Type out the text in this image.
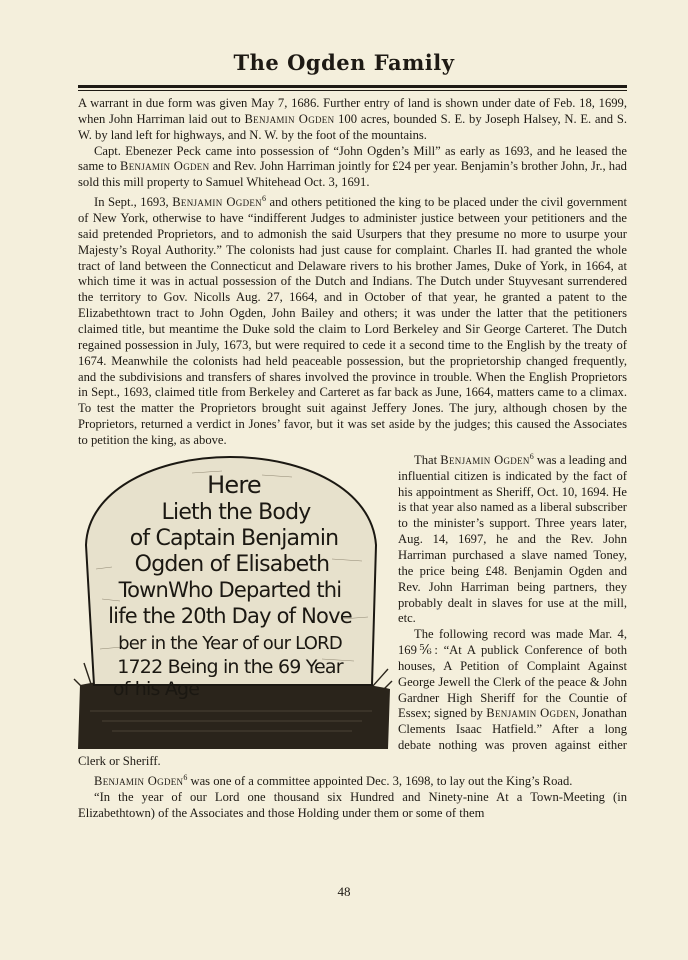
The Ogden Family

A warrant in due form was given May 7, 1686. Further entry of land is shown under date of Feb. 18, 1699, when John Harriman laid out to Benjamin Ogden 100 acres, bounded S. E. by Joseph Halsey, N. E. and S. W. by land left for highways, and N. W. by the foot of the mountains.

Capt. Ebenezer Peck came into possession of “John Ogden’s Mill” as early as 1693, and he leased the same to Benjamin Ogden and Rev. John Harriman jointly for £24 per year. Benjamin’s brother John, Jr., had sold this mill property to Samuel Whitehead Oct. 3, 1691.

In Sept., 1693, Benjamin Ogden$^6$ and others petitioned the king to be placed under the civil government of New York, otherwise to have “indifferent Judges to administer justice between your petitioners and the said pretended Proprietors, and to admonish the said Usurpers that they presume no more to usurpe your Majesty’s Royal Authority.” The colonists had just cause for complaint. Charles II. had granted the whole tract of land between the Connecticut and Delaware rivers to his brother James, Duke of York, in 1664, at which time it was in actual possession of the Dutch and Indians. The Dutch under Stuyvesant surrendered the territory to Gov. Nicolls Aug. 27, 1664, and in October of that year, he granted a patent to the Elizabethtown tract to John Ogden, John Bailey and others; it was under the latter that the petitioners claimed title, but meantime the Duke sold the claim to Lord Berkeley and Sir George Carteret. The Dutch regained possession in July, 1673, but were required to cede it a second time to the English by the treaty of 1674. Meanwhile the colonists had held peaceable possession, but the proprietorship changed frequently, and the subdivisions and transfers of shares involved the province in trouble. When the English Proprietors in Sept., 1693, claimed title from Berkeley and Carteret as far back as June, 1664, matters came to a climax. To test the matter the Proprietors brought suit against Jeffery Jones. The jury, although chosen by the Proprietors, returned a verdict in Jones’ favor, but it was set aside by the judges; this caused the Associates to petition the king, as above.

Here
Lieth the Body
of Captain Benjamin
Ogden of Elisabeth
TownWho Departed thi
life the 20th Day of Nove
ber in the Year of our LORD
1722 Being in the 69 Year
of his Age

That Benjamin Ogden$^6$ was a leading and influential citizen is indicated by the fact of his appointment as Sheriff, Oct. 10, 1694. He is that year also named as a liberal subscriber to the minister’s support. Three years later, Aug. 14, 1697, he and the Rev. John Harriman purchased a slave named Toney, the price being £48. Benjamin Ogden and Rev. John Harriman being partners, they probably dealt in slaves for use at the mill, etc.

The following record was made Mar. 4, 169⅚: “At A publick Conference of both houses, A Petition of Complaint Against George Jewell the Clerk of the peace & John Gardner High Sheriff for the Countie of Essex; signed by Benjamin Ogden, Jonathan Clements Isaac Hatfield.” After a long debate nothing was proven against either Clerk or Sheriff.

Benjamin Ogden$^6$ was one of a committee appointed Dec. 3, 1698, to lay out the King’s Road.

“In the year of our Lord one thousand six Hundred and Ninety-nine At a Town-Meeting (in Elizabethtown) of the Associates and those Holding under them or some of them

48
